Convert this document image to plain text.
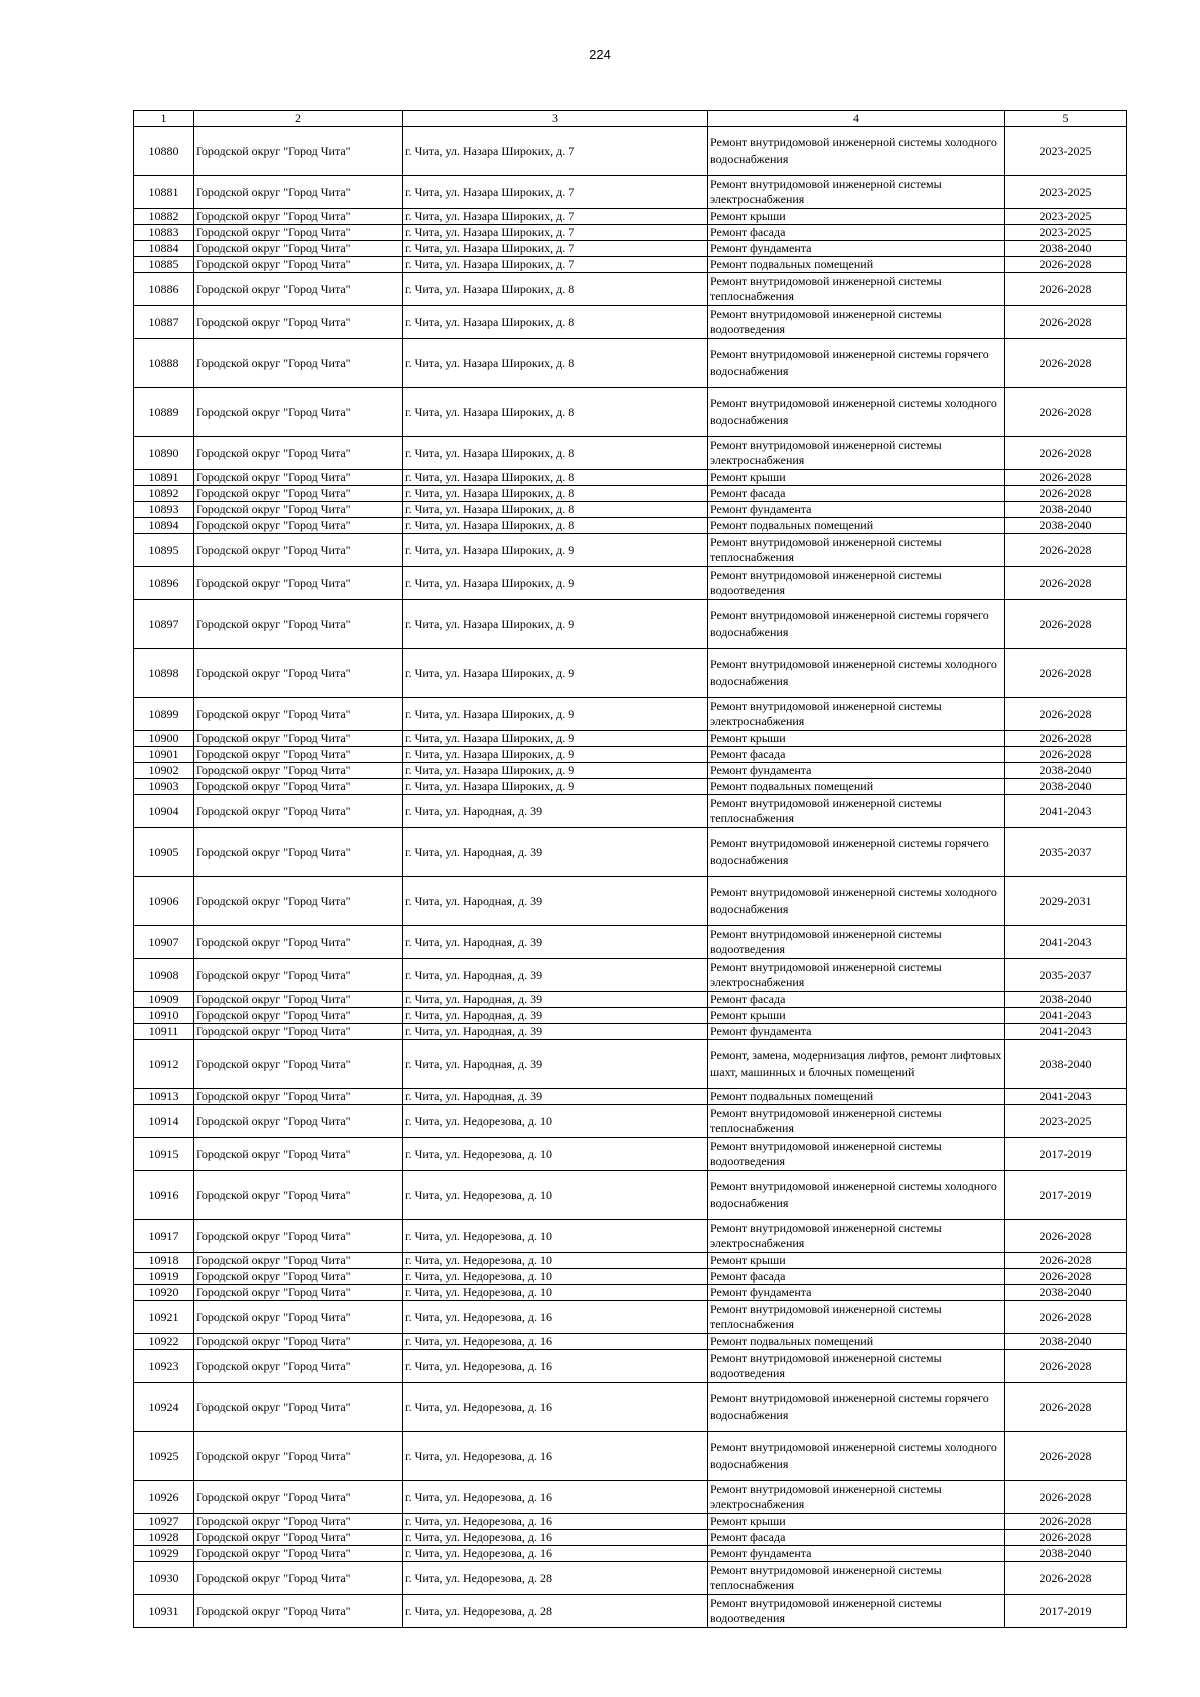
224
1	2	3	4	5
10880	Городской округ "Город Чита"	г. Чита, ул. Назара Широких, д. 7	Ремонт внутридомовой инженерной системы холодного водоснабжения	2023-2025
10881	Городской округ "Город Чита"	г. Чита, ул. Назара Широких, д. 7	Ремонт внутридомовой инженерной системы электроснабжения	2023-2025
10882	Городской округ "Город Чита"	г. Чита, ул. Назара Широких, д. 7	Ремонт крыши	2023-2025
10883	Городской округ "Город Чита"	г. Чита, ул. Назара Широких, д. 7	Ремонт фасада	2023-2025
10884	Городской округ "Город Чита"	г. Чита, ул. Назара Широких, д. 7	Ремонт фундамента	2038-2040
10885	Городской округ "Город Чита"	г. Чита, ул. Назара Широких, д. 7	Ремонт подвальных помещений	2026-2028
10886	Городской округ "Город Чита"	г. Чита, ул. Назара Широких, д. 8	Ремонт внутридомовой инженерной системы теплоснабжения	2026-2028
10887	Городской округ "Город Чита"	г. Чита, ул. Назара Широких, д. 8	Ремонт внутридомовой инженерной системы водоотведения	2026-2028
10888	Городской округ "Город Чита"	г. Чита, ул. Назара Широких, д. 8	Ремонт внутридомовой инженерной системы горячего водоснабжения	2026-2028
10889	Городской округ "Город Чита"	г. Чита, ул. Назара Широких, д. 8	Ремонт внутридомовой инженерной системы холодного водоснабжения	2026-2028
10890	Городской округ "Город Чита"	г. Чита, ул. Назара Широких, д. 8	Ремонт внутридомовой инженерной системы электроснабжения	2026-2028
10891	Городской округ "Город Чита"	г. Чита, ул. Назара Широких, д. 8	Ремонт крыши	2026-2028
10892	Городской округ "Город Чита"	г. Чита, ул. Назара Широких, д. 8	Ремонт фасада	2026-2028
10893	Городской округ "Город Чита"	г. Чита, ул. Назара Широких, д. 8	Ремонт фундамента	2038-2040
10894	Городской округ "Город Чита"	г. Чита, ул. Назара Широких, д. 8	Ремонт подвальных помещений	2038-2040
10895	Городской округ "Город Чита"	г. Чита, ул. Назара Широких, д. 9	Ремонт внутридомовой инженерной системы теплоснабжения	2026-2028
10896	Городской округ "Город Чита"	г. Чита, ул. Назара Широких, д. 9	Ремонт внутридомовой инженерной системы водоотведения	2026-2028
10897	Городской округ "Город Чита"	г. Чита, ул. Назара Широких, д. 9	Ремонт внутридомовой инженерной системы горячего водоснабжения	2026-2028
10898	Городской округ "Город Чита"	г. Чита, ул. Назара Широких, д. 9	Ремонт внутридомовой инженерной системы холодного водоснабжения	2026-2028
10899	Городской округ "Город Чита"	г. Чита, ул. Назара Широких, д. 9	Ремонт внутридомовой инженерной системы электроснабжения	2026-2028
10900	Городской округ "Город Чита"	г. Чита, ул. Назара Широких, д. 9	Ремонт крыши	2026-2028
10901	Городской округ "Город Чита"	г. Чита, ул. Назара Широких, д. 9	Ремонт фасада	2026-2028
10902	Городской округ "Город Чита"	г. Чита, ул. Назара Широких, д. 9	Ремонт фундамента	2038-2040
10903	Городской округ "Город Чита"	г. Чита, ул. Назара Широких, д. 9	Ремонт подвальных помещений	2038-2040
10904	Городской округ "Город Чита"	г. Чита, ул. Народная, д. 39	Ремонт внутридомовой инженерной системы теплоснабжения	2041-2043
10905	Городской округ "Город Чита"	г. Чита, ул. Народная, д. 39	Ремонт внутридомовой инженерной системы горячего водоснабжения	2035-2037
10906	Городской округ "Город Чита"	г. Чита, ул. Народная, д. 39	Ремонт внутридомовой инженерной системы холодного водоснабжения	2029-2031
10907	Городской округ "Город Чита"	г. Чита, ул. Народная, д. 39	Ремонт внутридомовой инженерной системы водоотведения	2041-2043
10908	Городской округ "Город Чита"	г. Чита, ул. Народная, д. 39	Ремонт внутридомовой инженерной системы электроснабжения	2035-2037
10909	Городской округ "Город Чита"	г. Чита, ул. Народная, д. 39	Ремонт фасада	2038-2040
10910	Городской округ "Город Чита"	г. Чита, ул. Народная, д. 39	Ремонт крыши	2041-2043
10911	Городской округ "Город Чита"	г. Чита, ул. Народная, д. 39	Ремонт фундамента	2041-2043
10912	Городской округ "Город Чита"	г. Чита, ул. Народная, д. 39	Ремонт, замена, модернизация лифтов, ремонт лифтовых шахт, машинных и блочных помещений	2038-2040
10913	Городской округ "Город Чита"	г. Чита, ул. Народная, д. 39	Ремонт подвальных помещений	2041-2043
10914	Городской округ "Город Чита"	г. Чита, ул. Недорезова, д. 10	Ремонт внутридомовой инженерной системы теплоснабжения	2023-2025
10915	Городской округ "Город Чита"	г. Чита, ул. Недорезова, д. 10	Ремонт внутридомовой инженерной системы водоотведения	2017-2019
10916	Городской округ "Город Чита"	г. Чита, ул. Недорезова, д. 10	Ремонт внутридомовой инженерной системы холодного водоснабжения	2017-2019
10917	Городской округ "Город Чита"	г. Чита, ул. Недорезова, д. 10	Ремонт внутридомовой инженерной системы электроснабжения	2026-2028
10918	Городской округ "Город Чита"	г. Чита, ул. Недорезова, д. 10	Ремонт крыши	2026-2028
10919	Городской округ "Город Чита"	г. Чита, ул. Недорезова, д. 10	Ремонт фасада	2026-2028
10920	Городской округ "Город Чита"	г. Чита, ул. Недорезова, д. 10	Ремонт фундамента	2038-2040
10921	Городской округ "Город Чита"	г. Чита, ул. Недорезова, д. 16	Ремонт внутридомовой инженерной системы теплоснабжения	2026-2028
10922	Городской округ "Город Чита"	г. Чита, ул. Недорезова, д. 16	Ремонт подвальных помещений	2038-2040
10923	Городской округ "Город Чита"	г. Чита, ул. Недорезова, д. 16	Ремонт внутридомовой инженерной системы водоотведения	2026-2028
10924	Городской округ "Город Чита"	г. Чита, ул. Недорезова, д. 16	Ремонт внутридомовой инженерной системы горячего водоснабжения	2026-2028
10925	Городской округ "Город Чита"	г. Чита, ул. Недорезова, д. 16	Ремонт внутридомовой инженерной системы холодного водоснабжения	2026-2028
10926	Городской округ "Город Чита"	г. Чита, ул. Недорезова, д. 16	Ремонт внутридомовой инженерной системы электроснабжения	2026-2028
10927	Городской округ "Город Чита"	г. Чита, ул. Недорезова, д. 16	Ремонт крыши	2026-2028
10928	Городской округ "Город Чита"	г. Чита, ул. Недорезова, д. 16	Ремонт фасада	2026-2028
10929	Городской округ "Город Чита"	г. Чита, ул. Недорезова, д. 16	Ремонт фундамента	2038-2040
10930	Городской округ "Город Чита"	г. Чита, ул. Недорезова, д. 28	Ремонт внутридомовой инженерной системы теплоснабжения	2026-2028
10931	Городской округ "Город Чита"	г. Чита, ул. Недорезова, д. 28	Ремонт внутридомовой инженерной системы водоотведения	2017-2019
